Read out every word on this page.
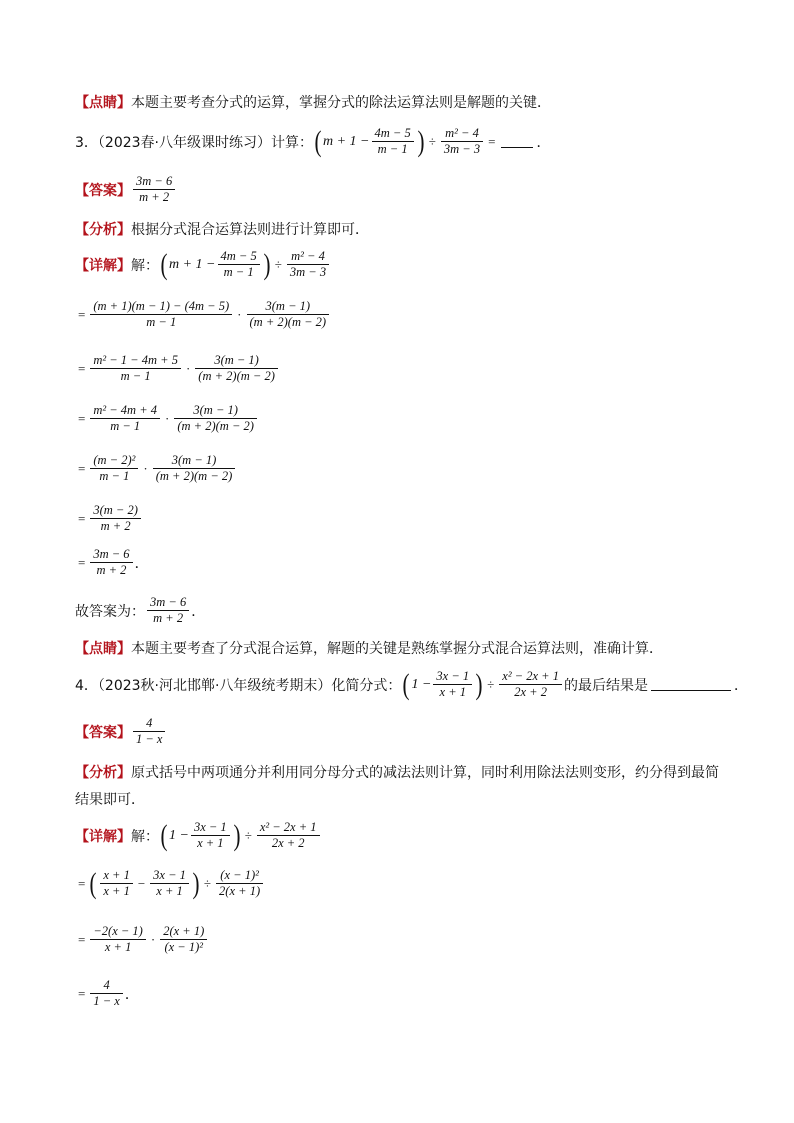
【点睛】 本题主要考查分式的运算，掌握分式的除法运算法则是解题的关键．
3．（2023春·八年级课时练习）计算： ( m + 1 −
4m − 5
m − 1 ) ÷
m² − 4
3m − 3
=	．
【答案】
3m − 6
m + 2
【分析】 根据分式混合运算法则进行计算即可．
【详解】 解： ( m + 1 −
4m − 5
m − 1 ) ÷
m² − 4
3m − 3
=
(m + 1)(m − 1) − (4m − 5)
m − 1
·
3(m − 1)
(m + 2)(m − 2)
=
m² − 1 − 4m + 5
m − 1
·
3(m − 1)
(m + 2)(m − 2)
=
m² − 4m + 4
m − 1
·
3(m − 1)
(m + 2)(m − 2)
=
(m − 2)²
m − 1
·
3(m − 1)
(m + 2)(m − 2)
=
3(m − 2)
m + 2
=
3m − 6
m + 2 ．
故答案为：
3m − 6
m + 2 ．
【点睛】 本题主要考查了分式混合运算，解题的关键是熟练掌握分式混合运算法则，准确计算．
4．（2023秋·河北邯郸·八年级统考期末）化简分式： ( 1 −
3x − 1
x + 1 ) ÷
x² − 2x + 1
2x + 2 的最后结果是	．
【答案】
4
1 − x
【分析】 原式括号中两项通分并利用同分母分式的减法法则计算，同时利用除法法则变形，约分得到最简
结果即可．
【详解】 解： ( 1 −
3x − 1
x + 1 ) ÷
x² − 2x + 1
2x + 2
= ( x + 1
x + 1
−
3x − 1
x + 1 ) ÷
(x − 1)²
2(x + 1)
=
−2(x − 1)
x + 1
·
2(x + 1)
(x − 1)²
=
4
1 − x ．
